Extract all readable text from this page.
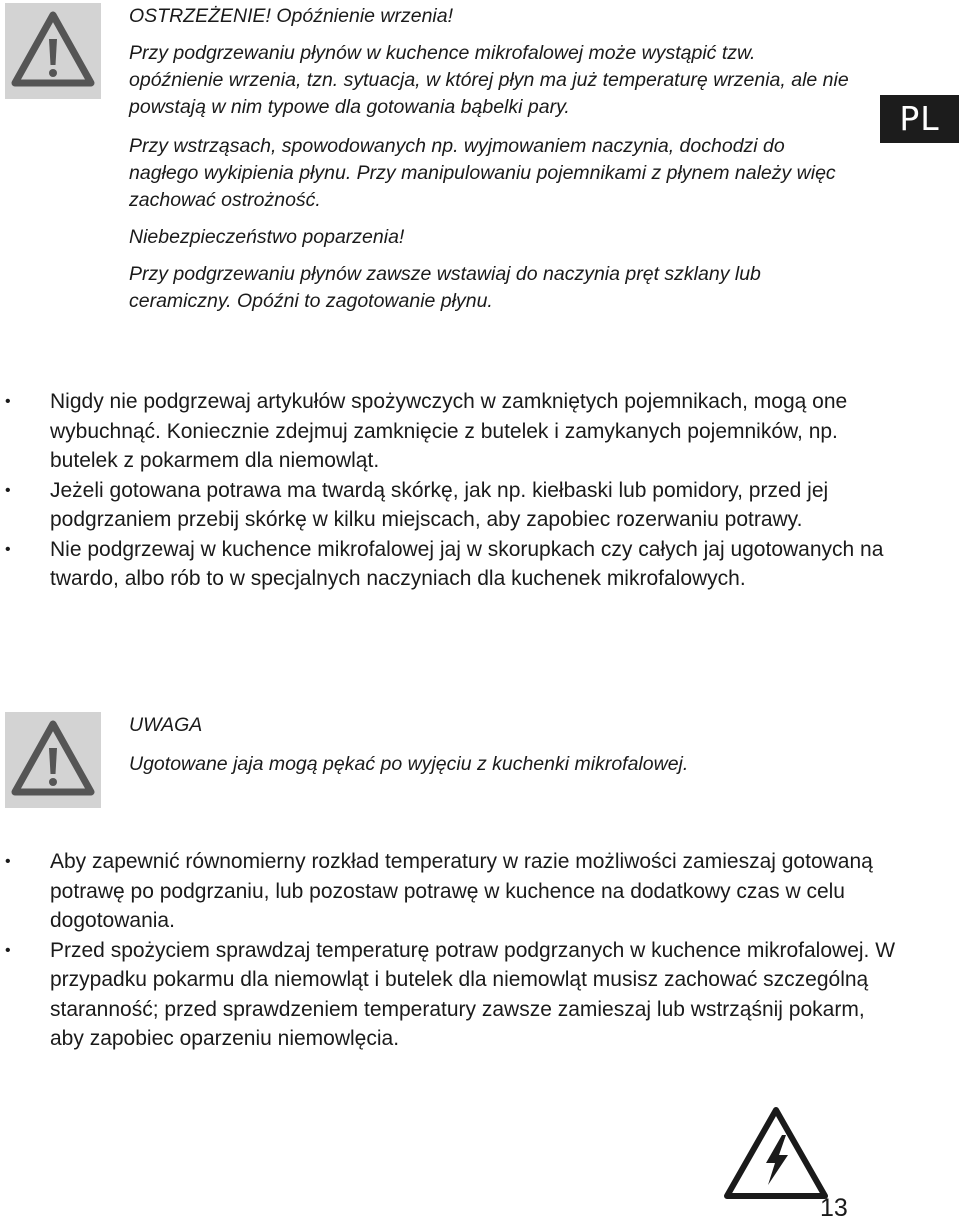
OSTRZEŻENIE! Opóźnienie wrzenia!

Przy podgrzewaniu płynów w kuchence mikrofalowej może wystąpić tzw. opóźnienie wrzenia, tzn. sytuacja, w której płyn ma już temperaturę wrzenia, ale nie powstają w nim typowe dla gotowania bąbelki pary.

Przy wstrząsach, spowodowanych np. wyjmowaniem naczynia, dochodzi do nagłego wykipienia płynu. Przy manipulowaniu pojemnikami z płynem należy więc zachować ostrożność.

Niebezpieczeństwo poparzenia!

Przy podgrzewaniu płynów zawsze wstawiaj do naczynia pręt szklany lub ceramiczny. Opóźni to zagotowanie płynu.

PL
• Nigdy nie podgrzewaj artykułów spożywczych w zamkniętych pojemnikach, mogą one wybuchnąć. Koniecznie zdejmuj zamknięcie z butelek i zamykanych pojemników, np. butelek z pokarmem dla niemowląt.
• Jeżeli gotowana potrawa ma twardą skórkę, jak np. kiełbaski lub pomidory, przed jej podgrzaniem przebij skórkę w kilku miejscach, aby zapobiec rozerwaniu potrawy.
• Nie podgrzewaj w kuchence mikrofalowej jaj w skorupkach czy całych jaj ugotowanych na twardo, albo rób to w specjalnych naczyniach dla kuchenek mikrofalowych.

UWAGA

Ugotowane jaja mogą pękać po wyjęciu z kuchenki mikrofalowej.

• Aby zapewnić równomierny rozkład temperatury w razie możliwości zamieszaj gotowaną potrawę po podgrzaniu, lub pozostaw potrawę w kuchence na dodatkowy czas w celu dogotowania.
• Przed spożyciem sprawdzaj temperaturę potraw podgrzanych w kuchence mikrofalowej. W przypadku pokarmu dla niemowląt i butelek dla niemowląt musisz zachować szczególną staranność; przed sprawdzeniem temperatury zawsze zamieszaj lub wstrząśnij pokarm, aby zapobiec oparzeniu niemowlęcia.
13
